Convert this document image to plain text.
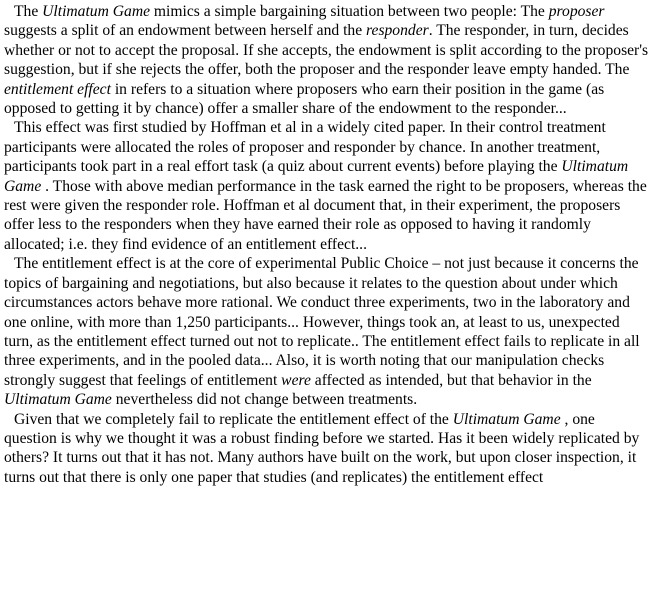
The Ultimatum Game mimics a simple bargaining situation between two people: The proposer suggests a split of an endowment between herself and the responder. The responder, in turn, decides whether or not to accept the proposal. If she accepts, the endowment is split according to the proposer's suggestion, but if she rejects the offer, both the proposer and the responder leave empty handed. The entitlement effect in refers to a situation where proposers who earn their position in the game (as opposed to getting it by chance) offer a smaller share of the endowment to the responder...

This effect was first studied by Hoffman et al in a widely cited paper. In their control treatment participants were allocated the roles of proposer and responder by chance. In another treatment, participants took part in a real effort task (a quiz about current events) before playing the Ultimatum Game . Those with above median performance in the task earned the right to be proposers, whereas the rest were given the responder role. Hoffman et al document that, in their experiment, the proposers offer less to the responders when they have earned their role as opposed to having it randomly allocated; i.e. they find evidence of an entitlement effect...

The entitlement effect is at the core of experimental Public Choice – not just because it concerns the topics of bargaining and negotiations, but also because it relates to the question about under which circumstances actors behave more rational. We conduct three experiments, two in the laboratory and one online, with more than 1,250 participants... However, things took an, at least to us, unexpected turn, as the entitlement effect turned out not to replicate.. The entitlement effect fails to replicate in all three experiments, and in the pooled data... Also, it is worth noting that our manipulation checks strongly suggest that feelings of entitlement were affected as intended, but that behavior in the Ultimatum Game nevertheless did not change between treatments.

Given that we completely fail to replicate the entitlement effect of the Ultimatum Game , one question is why we thought it was a robust finding before we started. Has it been widely replicated by others? It turns out that it has not. Many authors have built on the work, but upon closer inspection, it turns out that there is only one paper that studies (and replicates) the entitlement effect
